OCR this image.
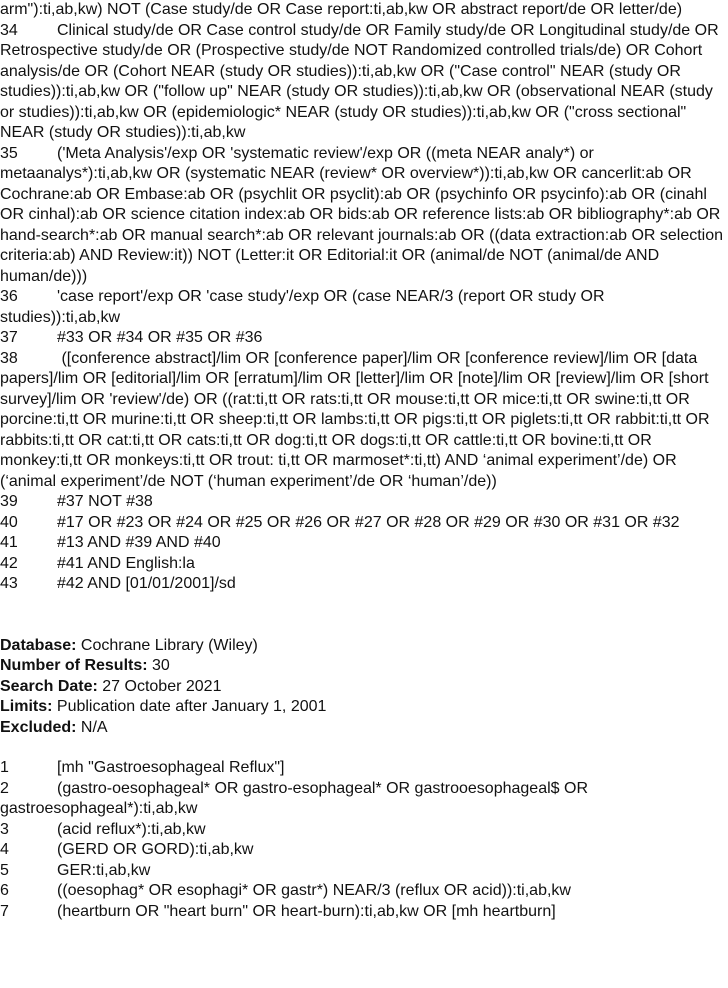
arm"):ti,ab,kw) NOT (Case study/de OR Case report:ti,ab,kw OR abstract report/de OR letter/de)
34 Clinical study/de OR Case control study/de OR Family study/de OR Longitudinal study/de OR Retrospective study/de OR (Prospective study/de NOT Randomized controlled trials/de) OR Cohort analysis/de OR (Cohort NEAR (study OR studies)):ti,ab,kw OR ("Case control" NEAR (study OR studies)):ti,ab,kw OR ("follow up" NEAR (study OR studies)):ti,ab,kw OR (observational NEAR (study or studies)):ti,ab,kw OR (epidemiologic* NEAR (study OR studies)):ti,ab,kw OR ("cross sectional" NEAR (study OR studies)):ti,ab,kw
35 ('Meta Analysis'/exp OR 'systematic review'/exp OR ((meta NEAR analy*) or metaanalys*):ti,ab,kw OR (systematic NEAR (review* OR overview*)):ti,ab,kw OR cancerlit:ab OR Cochrane:ab OR Embase:ab OR (psychlit OR psyclit):ab OR (psychinfo OR psycinfo):ab OR (cinahl OR cinhal):ab OR science citation index:ab OR bids:ab OR reference lists:ab OR bibliography*:ab OR hand-search*:ab OR manual search*:ab OR relevant journals:ab OR ((data extraction:ab OR selection criteria:ab) AND Review:it)) NOT (Letter:it OR Editorial:it OR (animal/de NOT (animal/de AND human/de)))
36 'case report'/exp OR 'case study'/exp OR (case NEAR/3 (report OR study OR studies)):ti,ab,kw
37 #33 OR #34 OR #35 OR #36
38 ([conference abstract]/lim OR [conference paper]/lim OR [conference review]/lim OR [data papers]/lim OR [editorial]/lim OR [erratum]/lim OR [letter]/lim OR [note]/lim OR [review]/lim OR [short survey]/lim OR 'review'/de) OR ((rat:ti,tt OR rats:ti,tt OR mouse:ti,tt OR mice:ti,tt OR swine:ti,tt OR porcine:ti,tt OR murine:ti,tt OR sheep:ti,tt OR lambs:ti,tt OR pigs:ti,tt OR piglets:ti,tt OR rabbit:ti,tt OR rabbits:ti,tt OR cat:ti,tt OR cats:ti,tt OR dog:ti,tt OR dogs:ti,tt OR cattle:ti,tt OR bovine:ti,tt OR monkey:ti,tt OR monkeys:ti,tt OR trout: ti,tt OR marmoset*:ti,tt) AND ‘animal experiment’/de) OR (‘animal experiment’/de NOT (‘human experiment’/de OR ‘human’/de))
39 #37 NOT #38
40 #17 OR #23 OR #24 OR #25 OR #26 OR #27 OR #28 OR #29 OR #30 OR #31 OR #32
41 #13 AND #39 AND #40
42 #41 AND English:la
43 #42 AND [01/01/2001]/sd
Database: Cochrane Library (Wiley)
Number of Results: 30
Search Date: 27 October 2021
Limits: Publication date after January 1, 2001
Excluded: N/A
1	[mh "Gastroesophageal Reflux"]
2	(gastro-oesophageal* OR gastro-esophageal* OR gastrooesophageal$ OR gastroesophageal*):ti,ab,kw
3	(acid reflux*):ti,ab,kw
4	(GERD OR GORD):ti,ab,kw
5	GER:ti,ab,kw
6	((oesophag* OR esophagi* OR gastr*) NEAR/3 (reflux OR acid)):ti,ab,kw
7	(heartburn OR "heart burn" OR heart-burn):ti,ab,kw OR [mh heartburn]
